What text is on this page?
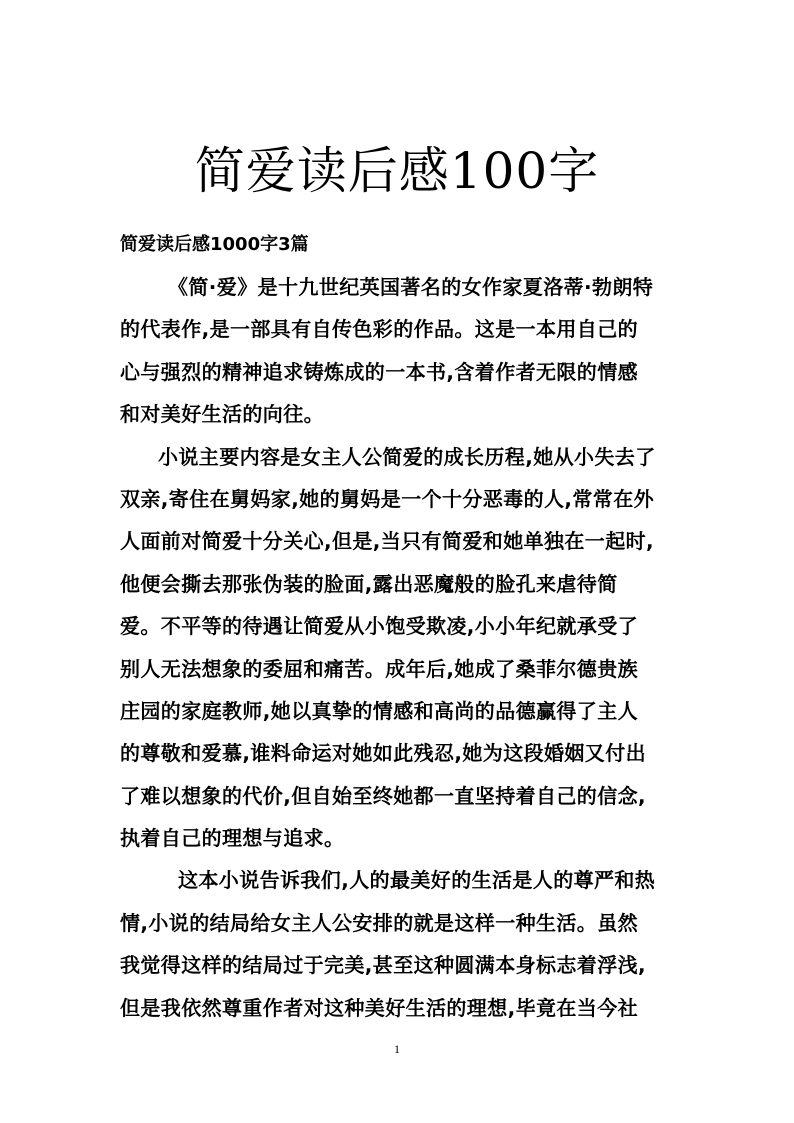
简爱读后感100字
简爱读后感1000字3篇
《简·爱》是十九世纪英国著名的女作家夏洛蒂·勃朗特
的代表作,是一部具有自传色彩的作品。这是一本用自己的
心与强烈的精神追求铸炼成的一本书,含着作者无限的情感
和对美好生活的向往。
小说主要内容是女主人公简爱的成长历程,她从小失去了
双亲,寄住在舅妈家,她的舅妈是一个十分恶毒的人,常常在外
人面前对简爱十分关心,但是,当只有简爱和她单独在一起时,
他便会撕去那张伪装的脸面,露出恶魔般的脸孔来虐待简
爱。不平等的待遇让简爱从小饱受欺凌,小小年纪就承受了
别人无法想象的委屈和痛苦。成年后,她成了桑菲尔德贵族
庄园的家庭教师,她以真挚的情感和高尚的品德赢得了主人
的尊敬和爱慕,谁料命运对她如此残忍,她为这段婚姻又付出
了难以想象的代价,但自始至终她都一直坚持着自己的信念,
执着自己的理想与追求。
这本小说告诉我们,人的最美好的生活是人的尊严和热
情,小说的结局给女主人公安排的就是这样一种生活。虽然
我觉得这样的结局过于完美,甚至这种圆满本身标志着浮浅,
但是我依然尊重作者对这种美好生活的理想,毕竟在当今社
1
